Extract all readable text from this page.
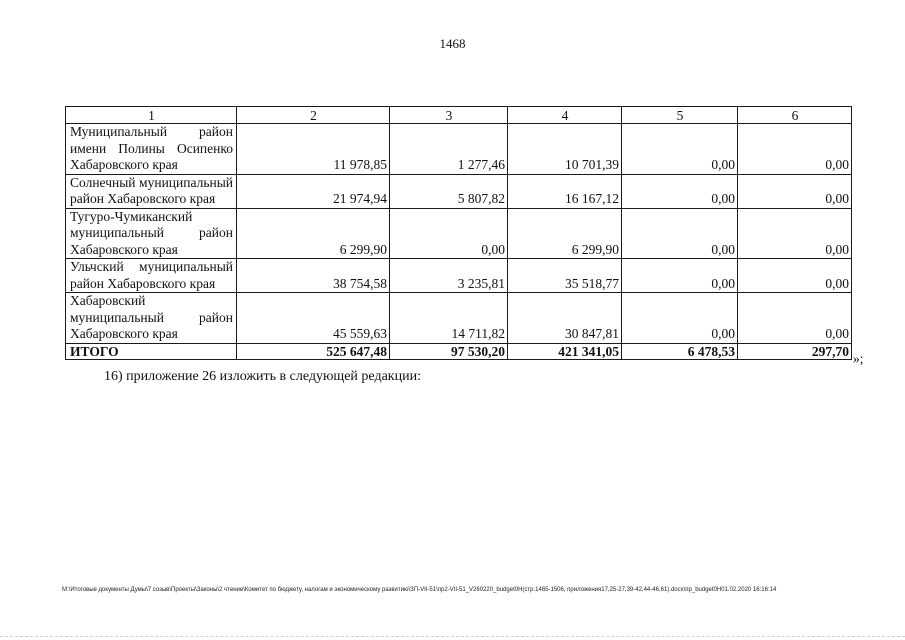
1468
1	2	3	4	5	6
Муниципальный район имени Полины Осипенко Хабаровского края	11 978,85	1 277,46	10 701,39	0,00	0,00
Солнечный муниципальный район Хабаровского края	21 974,94	5 807,82	16 167,12	0,00	0,00
Тугуро-Чумиканский муниципальный район Хабаровского края	6 299,90	0,00	6 299,90	0,00	0,00
Ульчский муниципальный район Хабаровского края	38 754,58	3 235,81	35 518,77	0,00	0,00
Хабаровский муниципальный район Хабаровского края	45 559,63	14 711,82	30 847,81	0,00	0,00
ИТОГО	525 647,48	97 530,20	421 341,05	6 478,53	297,70 »;
16) приложение 26 изложить в следующей редакции:
M:\Итоговые документы Думы\7 созыв\Проекты\Законы\2 чтение\Комитет по бюджету, налогам и экономическому развитию\ЗП-VII-51\пр2-VII-51_V260220_budget0H(стр.1465-1506, приложения17,25-27,39-42,44-46,61).docx\пр_budget0H01.02.2020 16:16:14
